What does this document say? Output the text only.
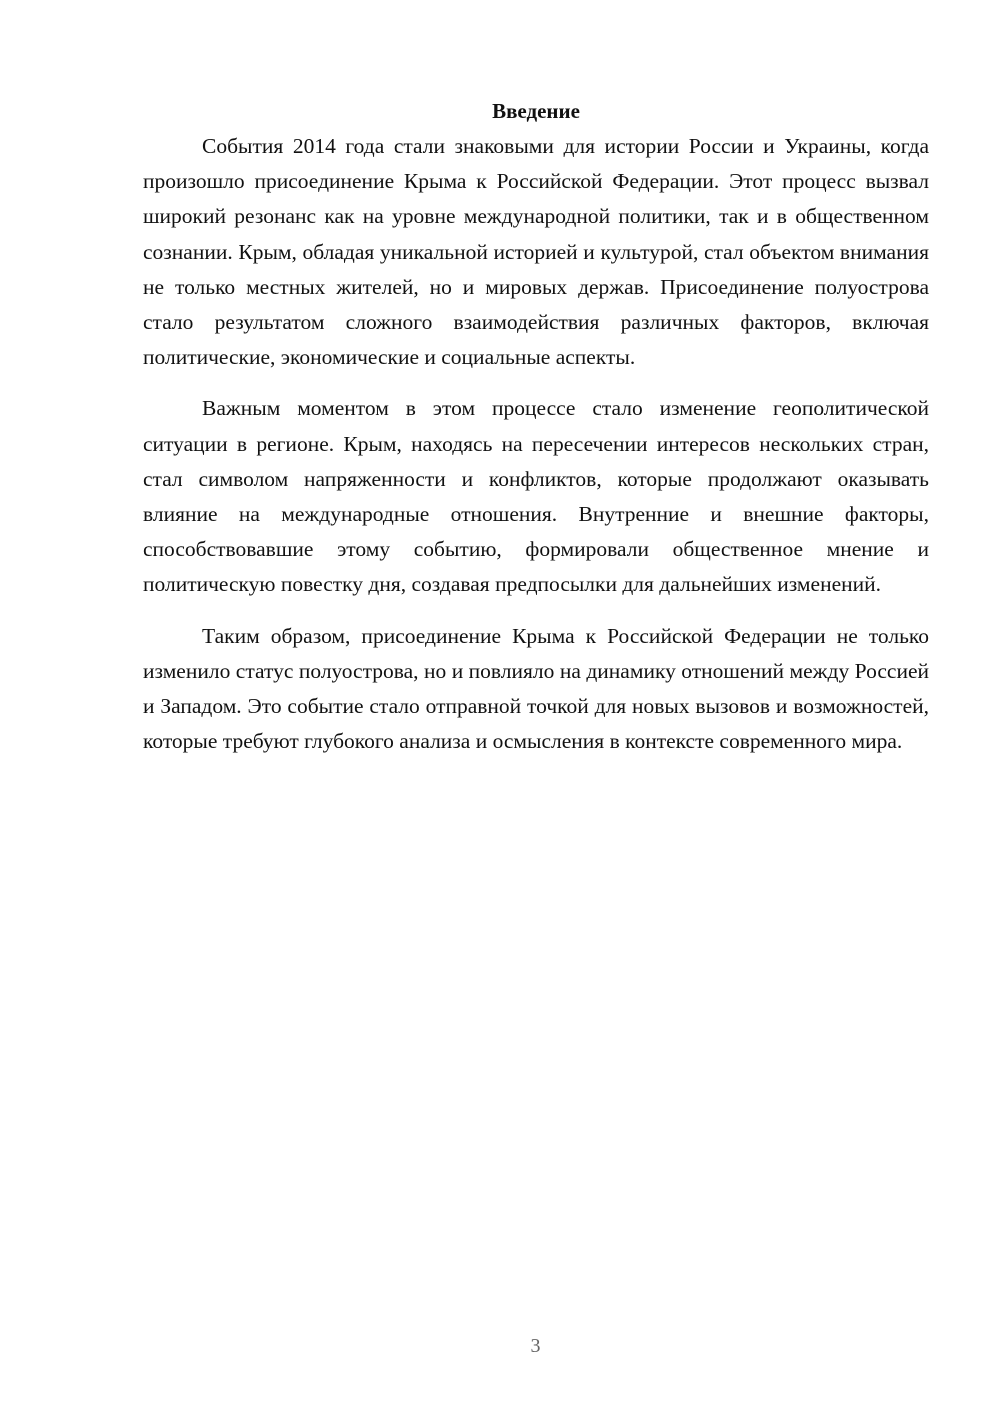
Введение

События 2014 года стали знаковыми для истории России и Украины, когда произошло присоединение Крыма к Российской Федерации. Этот процесс вызвал широкий резонанс как на уровне международной политики, так и в общественном сознании. Крым, обладая уникальной историей и культурой, стал объектом внимания не только местных жителей, но и мировых держав. Присоединение полуострова стало результатом сложного взаимодействия различных факторов, включая политические, экономические и социальные аспекты.

Важным моментом в этом процессе стало изменение геополитической ситуации в регионе. Крым, находясь на пересечении интересов нескольких стран, стал символом напряженности и конфликтов, которые продолжают оказывать влияние на международные отношения. Внутренние и внешние факторы, способствовавшие этому событию, формировали общественное мнение и политическую повестку дня, создавая предпосылки для дальнейших изменений.

Таким образом, присоединение Крыма к Российской Федерации не только изменило статус полуострова, но и повлияло на динамику отношений между Россией и Западом. Это событие стало отправной точкой для новых вызовов и возможностей, которые требуют глубокого анализа и осмысления в контексте современного мира.

3
